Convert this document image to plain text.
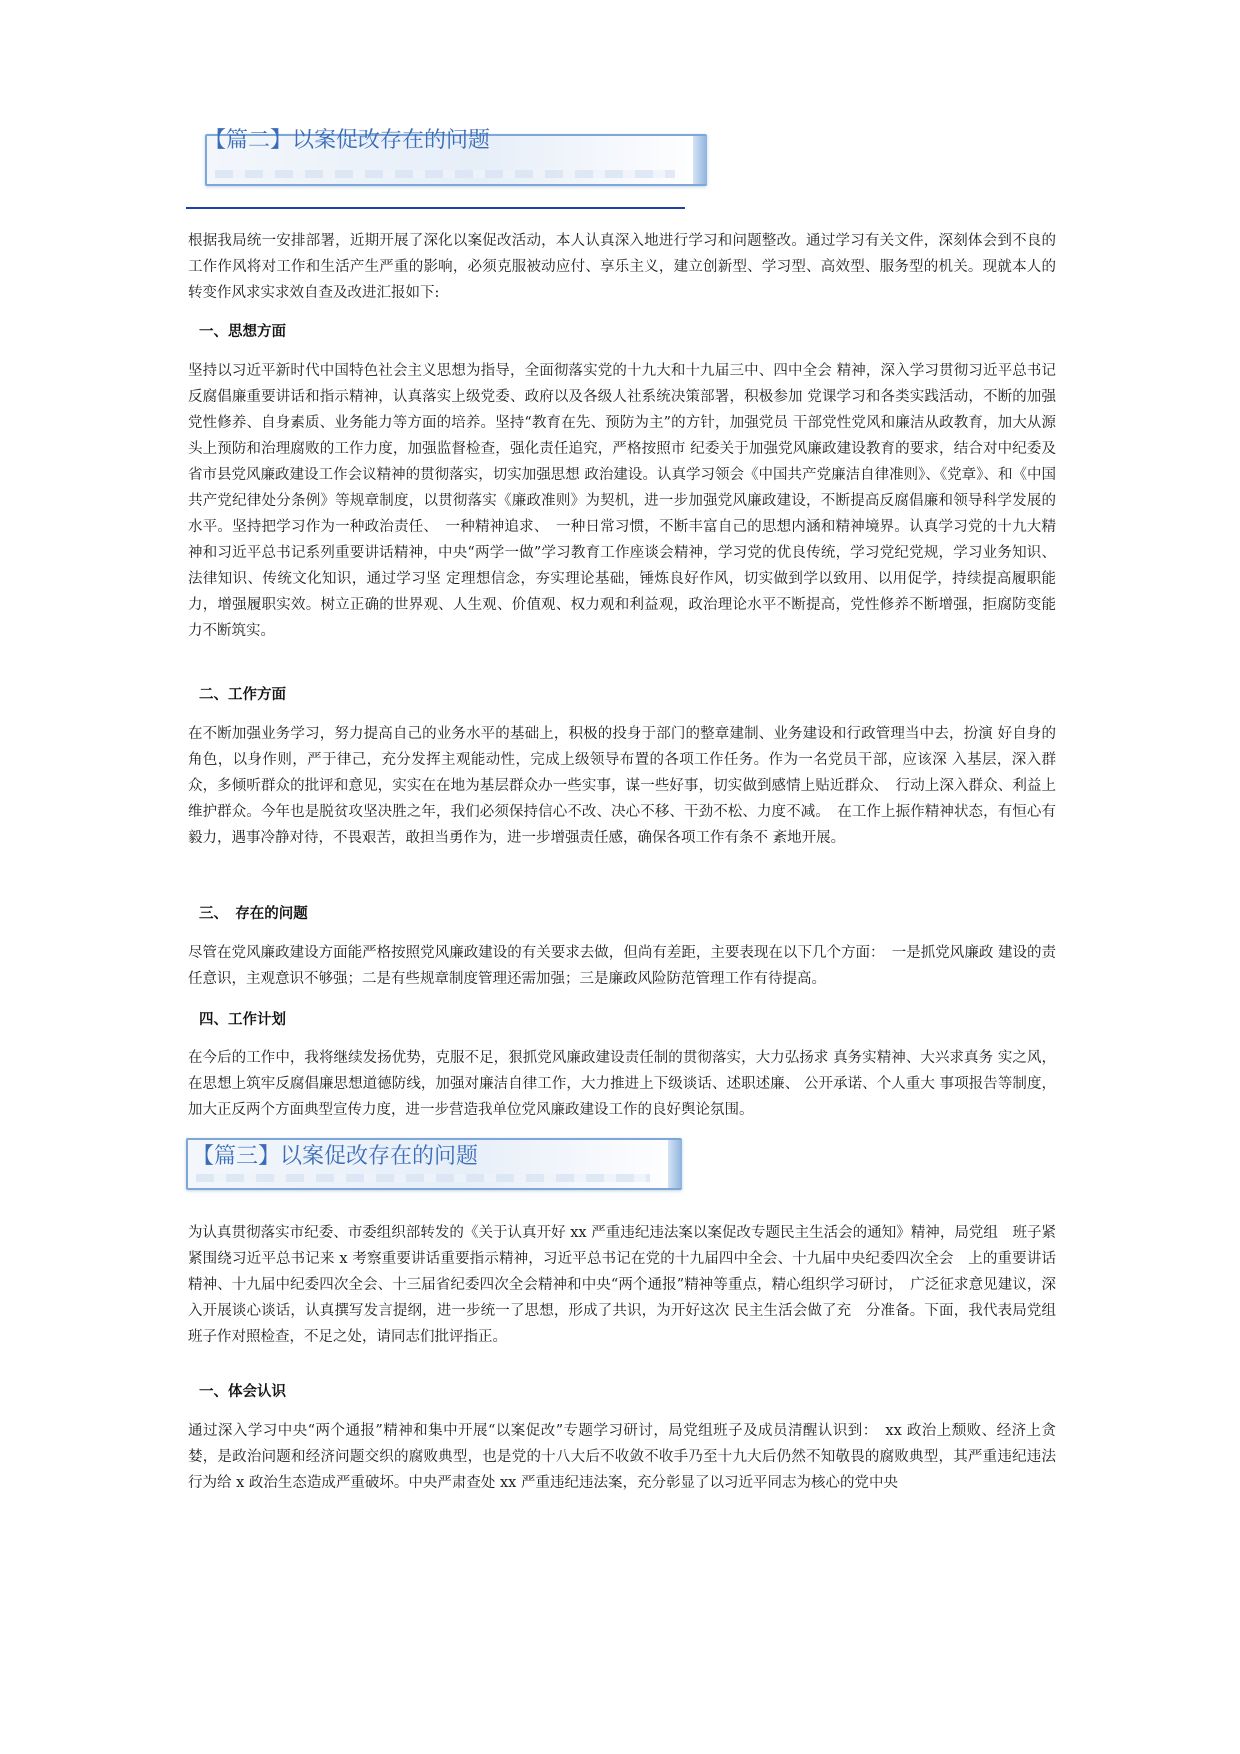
【篇二】以案促改存在的问题

根据我局统一安排部署，近期开展了深化以案促改活动，本人认真深入地进行学习和问题整改。通过学习有关文件，深刻体会到不良的工作作风将对工作和生活产生严重的影响，必须克服被动应付、享乐主义，建立创新型、学习型、高效型、服务型的机关。现就本人的转变作风求实求效自查及改进汇报如下:

一、思想方面

坚持以习近平新时代中国特色社会主义思想为指导，全面彻落实党的十九大和十九届三中、四中全会 精神，深入学习贯彻习近平总书记反腐倡廉重要讲话和指示精神，认真落实上级党委、政府以及各级人社系统决策部署，积极参加 党课学习和各类实践活动，不断的加强党性修养、自身素质、业务能力等方面的培养。坚持“教育在先、预防为主”的方针，加强党员 干部党性党风和廉洁从政教育，加大从源头上预防和治理腐败的工作力度，加强监督检查，强化责任追究，严格按照市 纪委关于加强党风廉政建设教育的要求，结合对中纪委及省市县党风廉政建设工作会议精神的贯彻落实，切实加强思想 政治建设。认真学习领会《中国共产党廉洁自律准则》、《党章》、和《中国共产党纪律处分条例》等规章制度，以贯彻落实《廉政准则》为契机，进一步加强党风廉政建设，不断提高反腐倡廉和领导科学发展的水平。坚持把学习作为一种政治责任、　一种精神追求、　一种日常习惯，不断丰富自己的思想内涵和精神境界。认真学习党的十九大精神和习近平总书记系列重要讲话精神，中央“两学一做”学习教育工作座谈会精神，学习党的优良传统，学习党纪党规，学习业务知识、法律知识、传统文化知识，通过学习坚 定理想信念，夯实理论基础，锤炼良好作风，切实做到学以致用、以用促学，持续提高履职能力，增强履职实效。树立正确的世界观、人生观、价值观、权力观和利益观，政治理论水平不断提高，党性修养不断增强，拒腐防变能力不断筑实。

二、工作方面

在不断加强业务学习，努力提高自己的业务水平的基础上，积极的投身于部门的整章建制、业务建设和行政管理当中去，扮演 好自身的角色，以身作则，严于律己，充分发挥主观能动性，完成上级领导布置的各项工作任务。作为一名党员干部，应该深 入基层，深入群众，多倾听群众的批评和意见，实实在在地为基层群众办一些实事，谋一些好事，切实做到感情上贴近群众、　行动上深入群众、利益上维护群众。今年也是脱贫攻坚决胜之年，我们必须保持信心不改、决心不移、干劲不松、力度不减。　在工作上振作精神状态，有恒心有毅力，遇事冷静对待，不畏艰苦，敢担当勇作为，进一步增强责任感，确保各项工作有条不 紊地开展。

三、　存在的问题

尽管在党风廉政建设方面能严格按照党风廉政建设的有关要求去做，但尚有差距，主要表现在以下几个方面：　一是抓党风廉政 建设的责任意识，主观意识不够强；二是有些规章制度管理还需加强；三是廉政风险防范管理工作有待提高。

四、工作计划

在今后的工作中，我将继续发扬优势，克服不足，狠抓党风廉政建设责任制的贯彻落实，大力弘扬求 真务实精神、大兴求真务 实之风，在思想上筑牢反腐倡廉思想道德防线，加强对廉洁自律工作，大力推进上下级谈话、述职述廉、 公开承诺、个人重大 事项报告等制度，加大正反两个方面典型宣传力度，进一步营造我单位党风廉政建设工作的良好舆论氛围。

【篇三】以案促改存在的问题

为认真贯彻落实市纪委、市委组织部转发的《关于认真开好 xx 严重违纪违法案以案促改专题民主生活会的通知》精神，局党组　班子紧紧围绕习近平总书记来 x 考察重要讲话重要指示精神，习近平总书记在党的十九届四中全会、十九届中央纪委四次全会　上的重要讲话精神、十九届中纪委四次全会、十三届省纪委四次全会精神和中央“两个通报”精神等重点，精心组织学习研讨，　广泛征求意见建议，深入开展谈心谈话，认真撰写发言提纲，进一步统一了思想，形成了共识，为开好这次 民主生活会做了充　分准备。下面，我代表局党组班子作对照检查，不足之处，请同志们批评指正。

一、体会认识

通过深入学习中央“两个通报”精神和集中开展“以案促改”专题学习研讨，局党组班子及成员清醒认识到：　xx 政治上颓败、经济上贪婪，是政治问题和经济问题交织的腐败典型，也是党的十八大后不收敛不收手乃至十九大后仍然不知敬畏的腐败典型，其严重违纪违法行为给 x 政治生态造成严重破坏。中央严肃查处 xx 严重违纪违法案，充分彰显了以习近平同志为核心的党中央
